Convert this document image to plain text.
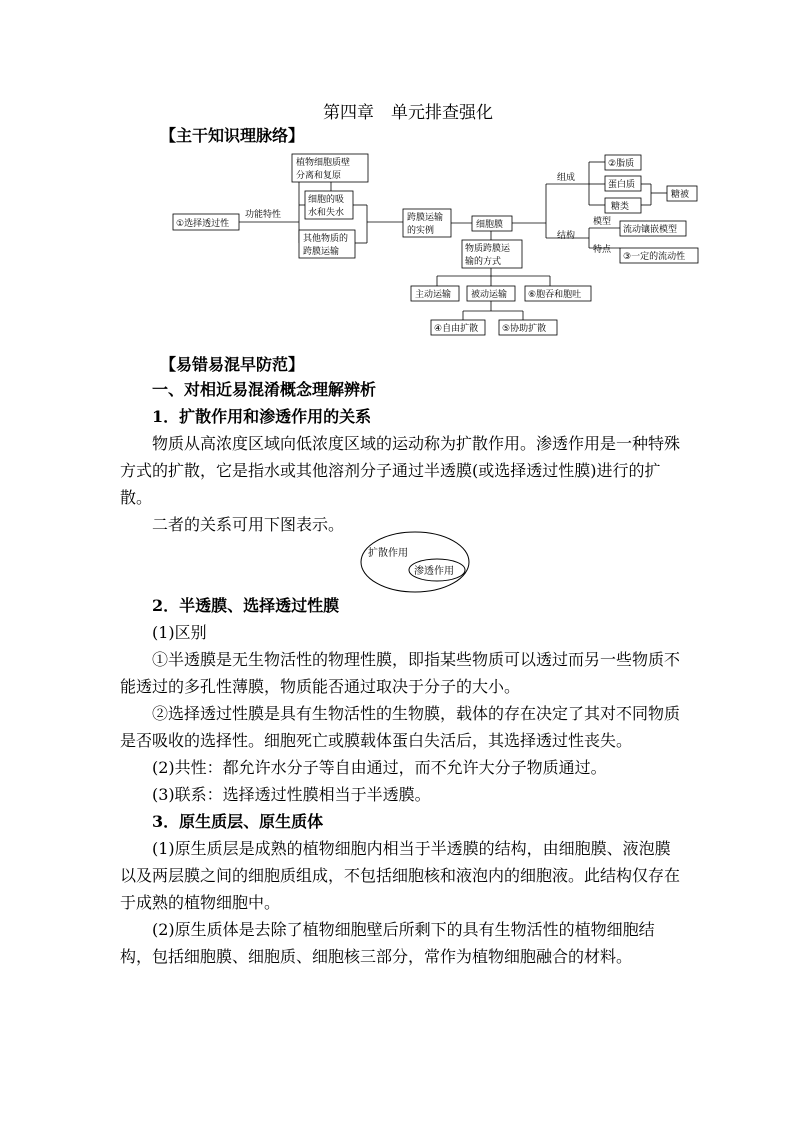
第四章　单元排查强化
【主干知识理脉络】
①选择透过性
功能特性
植物细胞质壁
分离和复原
细胞的吸
水和失水
其他物质的
跨膜运输
跨膜运输
的实例
细胞膜
物质跨膜运
输的方式
主动运输 被动运输 ⑥胞吞和胞吐
④自由扩散	⑤协助扩散
组成
结构
②脂质
蛋白质
糖类
糖被
模型
特点
流动镶嵌模型
③一定的流动性
【易错易混早防范】
一、对相近易混淆概念理解辨析
1．扩散作用和渗透作用的关系
物质从高浓度区域向低浓度区域的运动称为扩散作用。渗透作用是一种特殊方式的扩散，它是指水或其他溶剂分子通过半透膜(或选择透过性膜)进行的扩散。
二者的关系可用下图表示。
扩散作用
渗透作用
2．半透膜、选择透过性膜
(1)区别
①半透膜是无生物活性的物理性膜，即指某些物质可以透过而另一些物质不能透过的多孔性薄膜，物质能否通过取决于分子的大小。
②选择透过性膜是具有生物活性的生物膜，载体的存在决定了其对不同物质是否吸收的选择性。细胞死亡或膜载体蛋白失活后，其选择透过性丧失。
(2)共性：都允许水分子等自由通过，而不允许大分子物质通过。
(3)联系：选择透过性膜相当于半透膜。
3．原生质层、原生质体
(1)原生质层是成熟的植物细胞内相当于半透膜的结构，由细胞膜、液泡膜以及两层膜之间的细胞质组成，不包括细胞核和液泡内的细胞液。此结构仅存在于成熟的植物细胞中。
(2)原生质体是去除了植物细胞壁后所剩下的具有生物活性的植物细胞结构，包括细胞膜、细胞质、细胞核三部分，常作为植物细胞融合的材料。
